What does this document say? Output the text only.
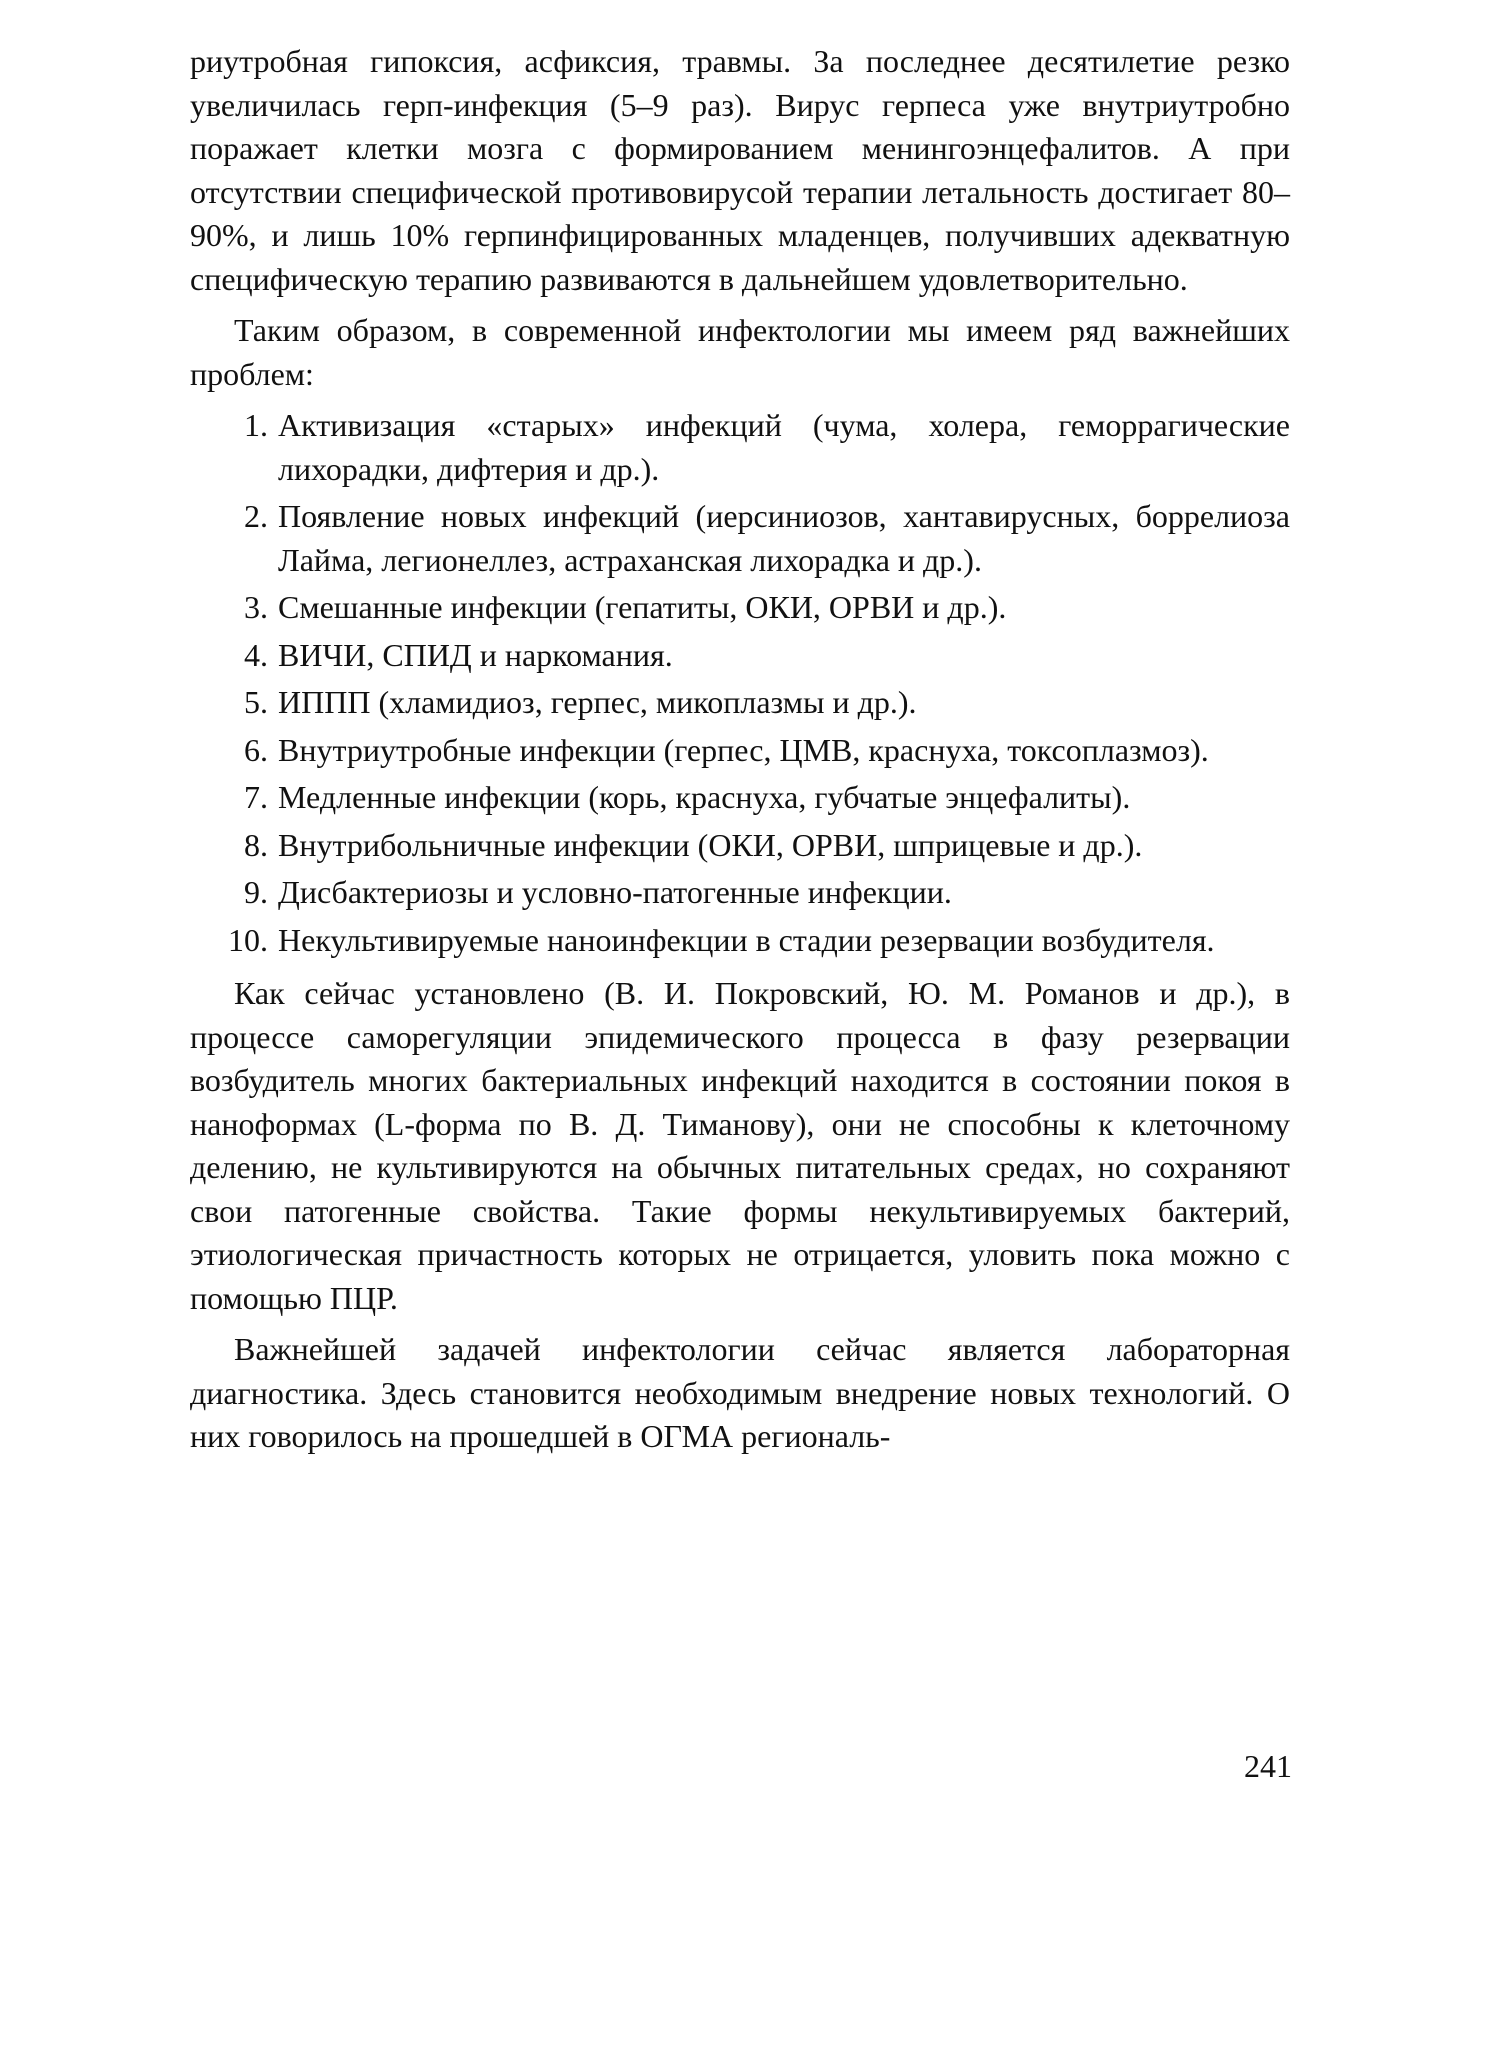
риутробная гипоксия, асфиксия, травмы. За последнее десятилетие резко увеличилась герп-инфекция (5–9 раз). Вирус герпеса уже внутриутробно поражает клетки мозга с формированием менингоэнцефалитов. А при отсутствии специфической противовирусой терапии летальность достигает 80–90%, и лишь 10% герпинфицированных младенцев, получивших адекватную специфическую терапию развиваются в дальнейшем удовлетворительно.

Таким образом, в современной инфектологии мы имеем ряд важнейших проблем:

1. Активизация «старых» инфекций (чума, холера, геморрагические лихорадки, дифтерия и др.).
2. Появление новых инфекций (иерсиниозов, хантавирусных, боррелиоза Лайма, легионеллез, астраханская лихорадка и др.).
3. Смешанные инфекции (гепатиты, ОКИ, ОРВИ и др.).
4. ВИЧИ, СПИД и наркомания.
5. ИППП (хламидиоз, герпес, микоплазмы и др.).
6. Внутриутробные инфекции (герпес, ЦМВ, краснуха, токсоплазмоз).
7. Медленные инфекции (корь, краснуха, губчатые энцефалиты).
8. Внутрибольничные инфекции (ОКИ, ОРВИ, шприцевые и др.).
9. Дисбактериозы и условно-патогенные инфекции.
10. Некультивируемые наноинфекции в стадии резервации возбудителя.

Как сейчас установлено (В. И. Покровский, Ю. М. Романов и др.), в процессе саморегуляции эпидемического процесса в фазу резервации возбудитель многих бактериальных инфекций находится в состоянии покоя в наноформах (L-форма по В. Д. Тиманову), они не способны к клеточному делению, не культивируются на обычных питательных средах, но сохраняют свои патогенные свойства. Такие формы некультивируемых бактерий, этиологическая причастность которых не отрицается, уловить пока можно с помощью ПЦР.

Важнейшей задачей инфектологии сейчас является лабораторная диагностика. Здесь становится необходимым внедрение новых технологий. О них говорилось на прошедшей в ОГМА региональ-

241
